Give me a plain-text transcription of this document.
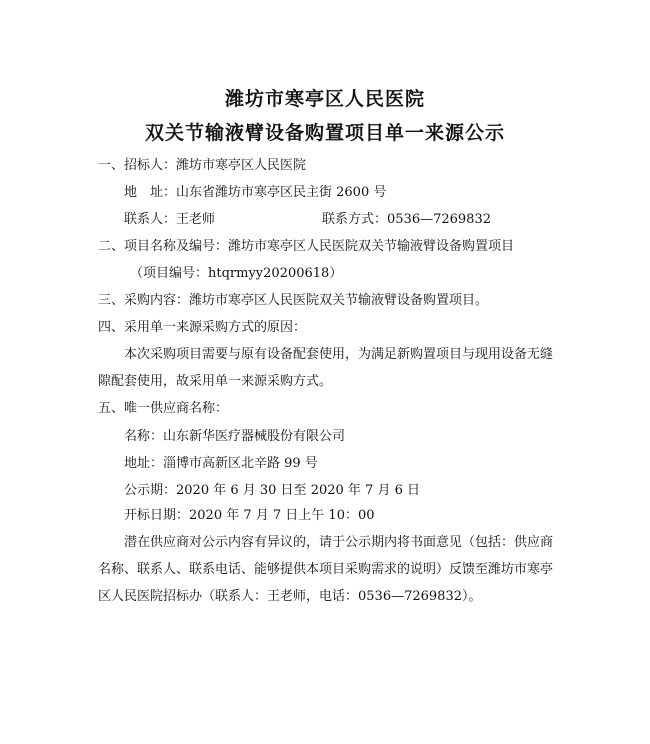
潍坊市寒亭区人民医院
双关节输液臂设备购置项目单一来源公示
一、招标人：潍坊市寒亭区人民医院
地　址：山东省潍坊市寒亭区民主街 2600 号
联系人：王老师	联系方式：0536—7269832
二、项目名称及编号：潍坊市寒亭区人民医院双关节输液臂设备购置项目
（项目编号：htqrmyy20200618）
三、采购内容：潍坊市寒亭区人民医院双关节输液臂设备购置项目。
四、采用单一来源采购方式的原因：
本次采购项目需要与原有设备配套使用，为满足新购置项目与现用设备无缝
隙配套使用，故采用单一来源采购方式。
五、唯一供应商名称：
名称：山东新华医疗器械股份有限公司
地址：淄博市高新区北辛路 99 号
公示期：2020 年 6 月 30 日至 2020 年 7 月 6 日
开标日期：2020 年 7 月 7 日上午 10：00
潜在供应商对公示内容有异议的，请于公示期内将书面意见（包括：供应商
名称、联系人、联系电话、能够提供本项目采购需求的说明）反馈至潍坊市寒亭
区人民医院招标办（联系人：王老师，电话：0536—7269832）。
